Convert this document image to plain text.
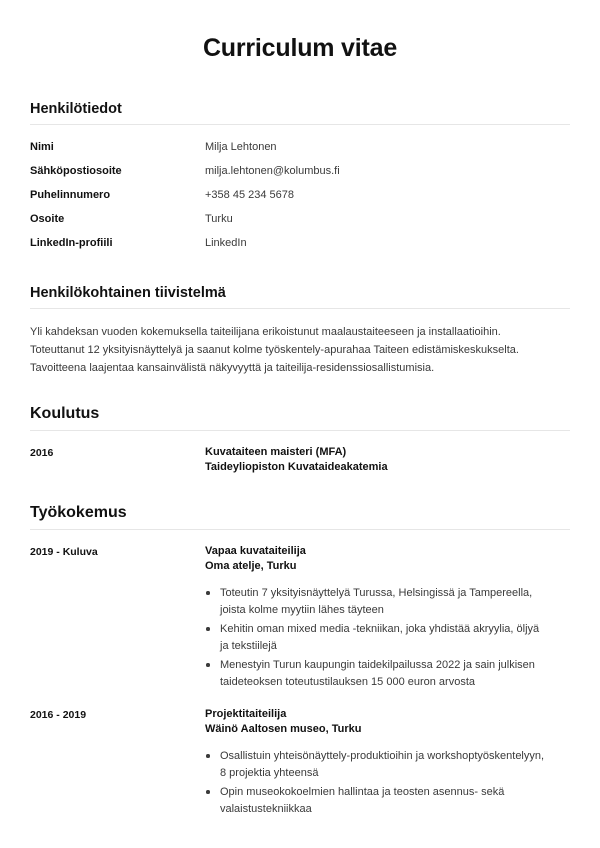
Curriculum vitae
Henkilötiedot
Nimi	Milja Lehtonen
Sähköpostiosoite	milja.lehtonen@kolumbus.fi
Puhelinnumero	+358 45 234 5678
Osoite	Turku
LinkedIn-profiili	LinkedIn
Henkilökohtainen tiivistelmä

Yli kahdeksan vuoden kokemuksella taiteilijana erikoistunut maalaustaiteeseen ja installaatioihin. Toteuttanut 12 yksityisnäyttelyä ja saanut kolme työskentely-apurahaa Taiteen edistämiskeskukselta. Tavoitteena laajentaa kansainvälistä näkyvyyttä ja taiteilija-residenssiosallistumisia.

Koulutus
2016	Kuvataiteen maisteri (MFA)
Taideyliopiston Kuvataideakatemia
Työkokemus
2019 - Kuluva	Vapaa kuvataiteilija
Oma atelje, Turku
Toteutin 7 yksityisnäyttelyä Turussa, Helsingissä ja Tampereella, joista kolme myytiin lähes täyteen
Kehitin oman mixed media -tekniikan, joka yhdistää akryylia, öljyä ja tekstiilejä
Menestyin Turun kaupungin taidekilpailussa 2022 ja sain julkisen taideteoksen toteutustilauksen 15 000 euron arvosta
2016 - 2019	Projektitaiteilija
Wäinö Aaltosen museo, Turku
Osallistuin yhteisönäyttely-produktioihin ja workshoptyöskentelyyn, 8 projektia yhteensä
Opin museokokoelmien hallintaa ja teosten asennus- sekä valaistustekniikkaa
